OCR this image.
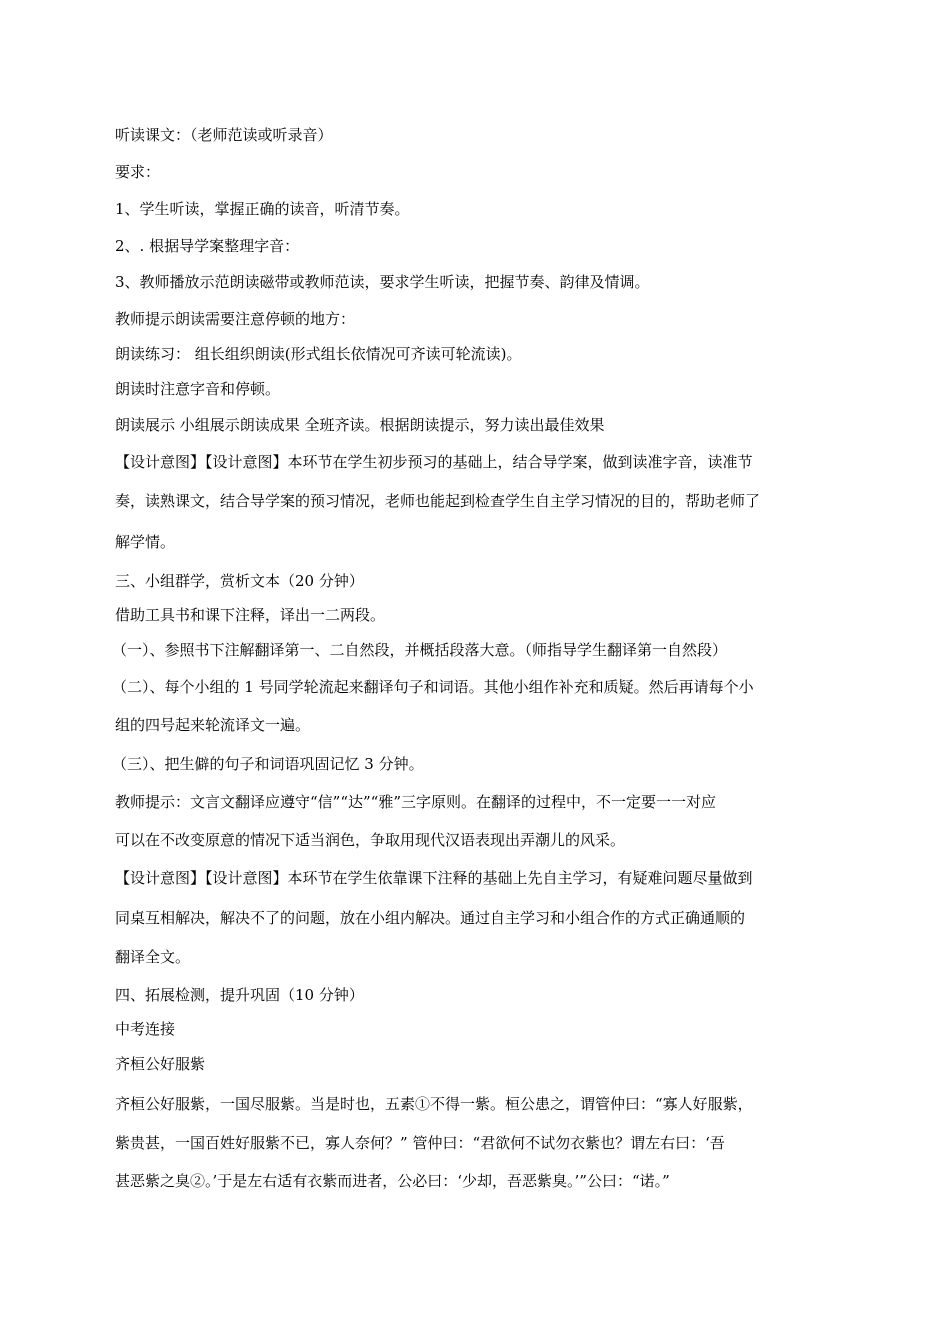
听读课文：（老师范读或听录音）
要求：
1、学生听读，掌握正确的读音，听清节奏。
2、. 根据导学案整理字音：
3、教师播放示范朗读磁带或教师范读，要求学生听读，把握节奏、韵律及情调。
教师提示朗读需要注意停顿的地方：
朗读练习： 组长组织朗读(形式组长依情况可齐读可轮流读)。
朗读时注意字音和停顿。
朗读展示 小组展示朗读成果 全班齐读。根据朗读提示，努力读出最佳效果
【设计意图】【设计意图】本环节在学生初步预习的基础上，结合导学案，做到读准字音，读准节
奏，读熟课文，结合导学案的预习情况，老师也能起到检查学生自主学习情况的目的，帮助老师了
解学情。
三、小组群学，赏析文本（20 分钟）
借助工具书和课下注释，译出一二两段。
（一）、参照书下注解翻译第一、二自然段，并概括段落大意。（师指导学生翻译第一自然段）
（二）、每个小组的 1 号同学轮流起来翻译句子和词语。其他小组作补充和质疑。然后再请每个小
组的四号起来轮流译文一遍。
（三）、把生僻的句子和词语巩固记忆 3 分钟。
教师提示：文言文翻译应遵守“信”“达”“雅”三字原则。在翻译的过程中，不一定要一一对应
可以在不改变原意的情况下适当润色，争取用现代汉语表现出弄潮儿的风采。
【设计意图】【设计意图】本环节在学生依靠课下注释的基础上先自主学习，有疑难问题尽量做到
同桌互相解决，解决不了的问题，放在小组内解决。通过自主学习和小组合作的方式正确通顺的
翻译全文。
四、拓展检测，提升巩固（10 分钟）
中考连接
齐桓公好服紫
齐桓公好服紫，一国尽服紫。当是时也，五素①不得一紫。桓公患之，谓管仲曰：“寡人好服紫，
紫贵甚，一国百姓好服紫不已，寡人奈何？” 管仲曰：“君欲何不试勿衣紫也？谓左右曰：‘吾
甚恶紫之臭②。’于是左右适有衣紫而进者，公必曰：‘少却，吾恶紫臭。’”公曰：“诺。”
